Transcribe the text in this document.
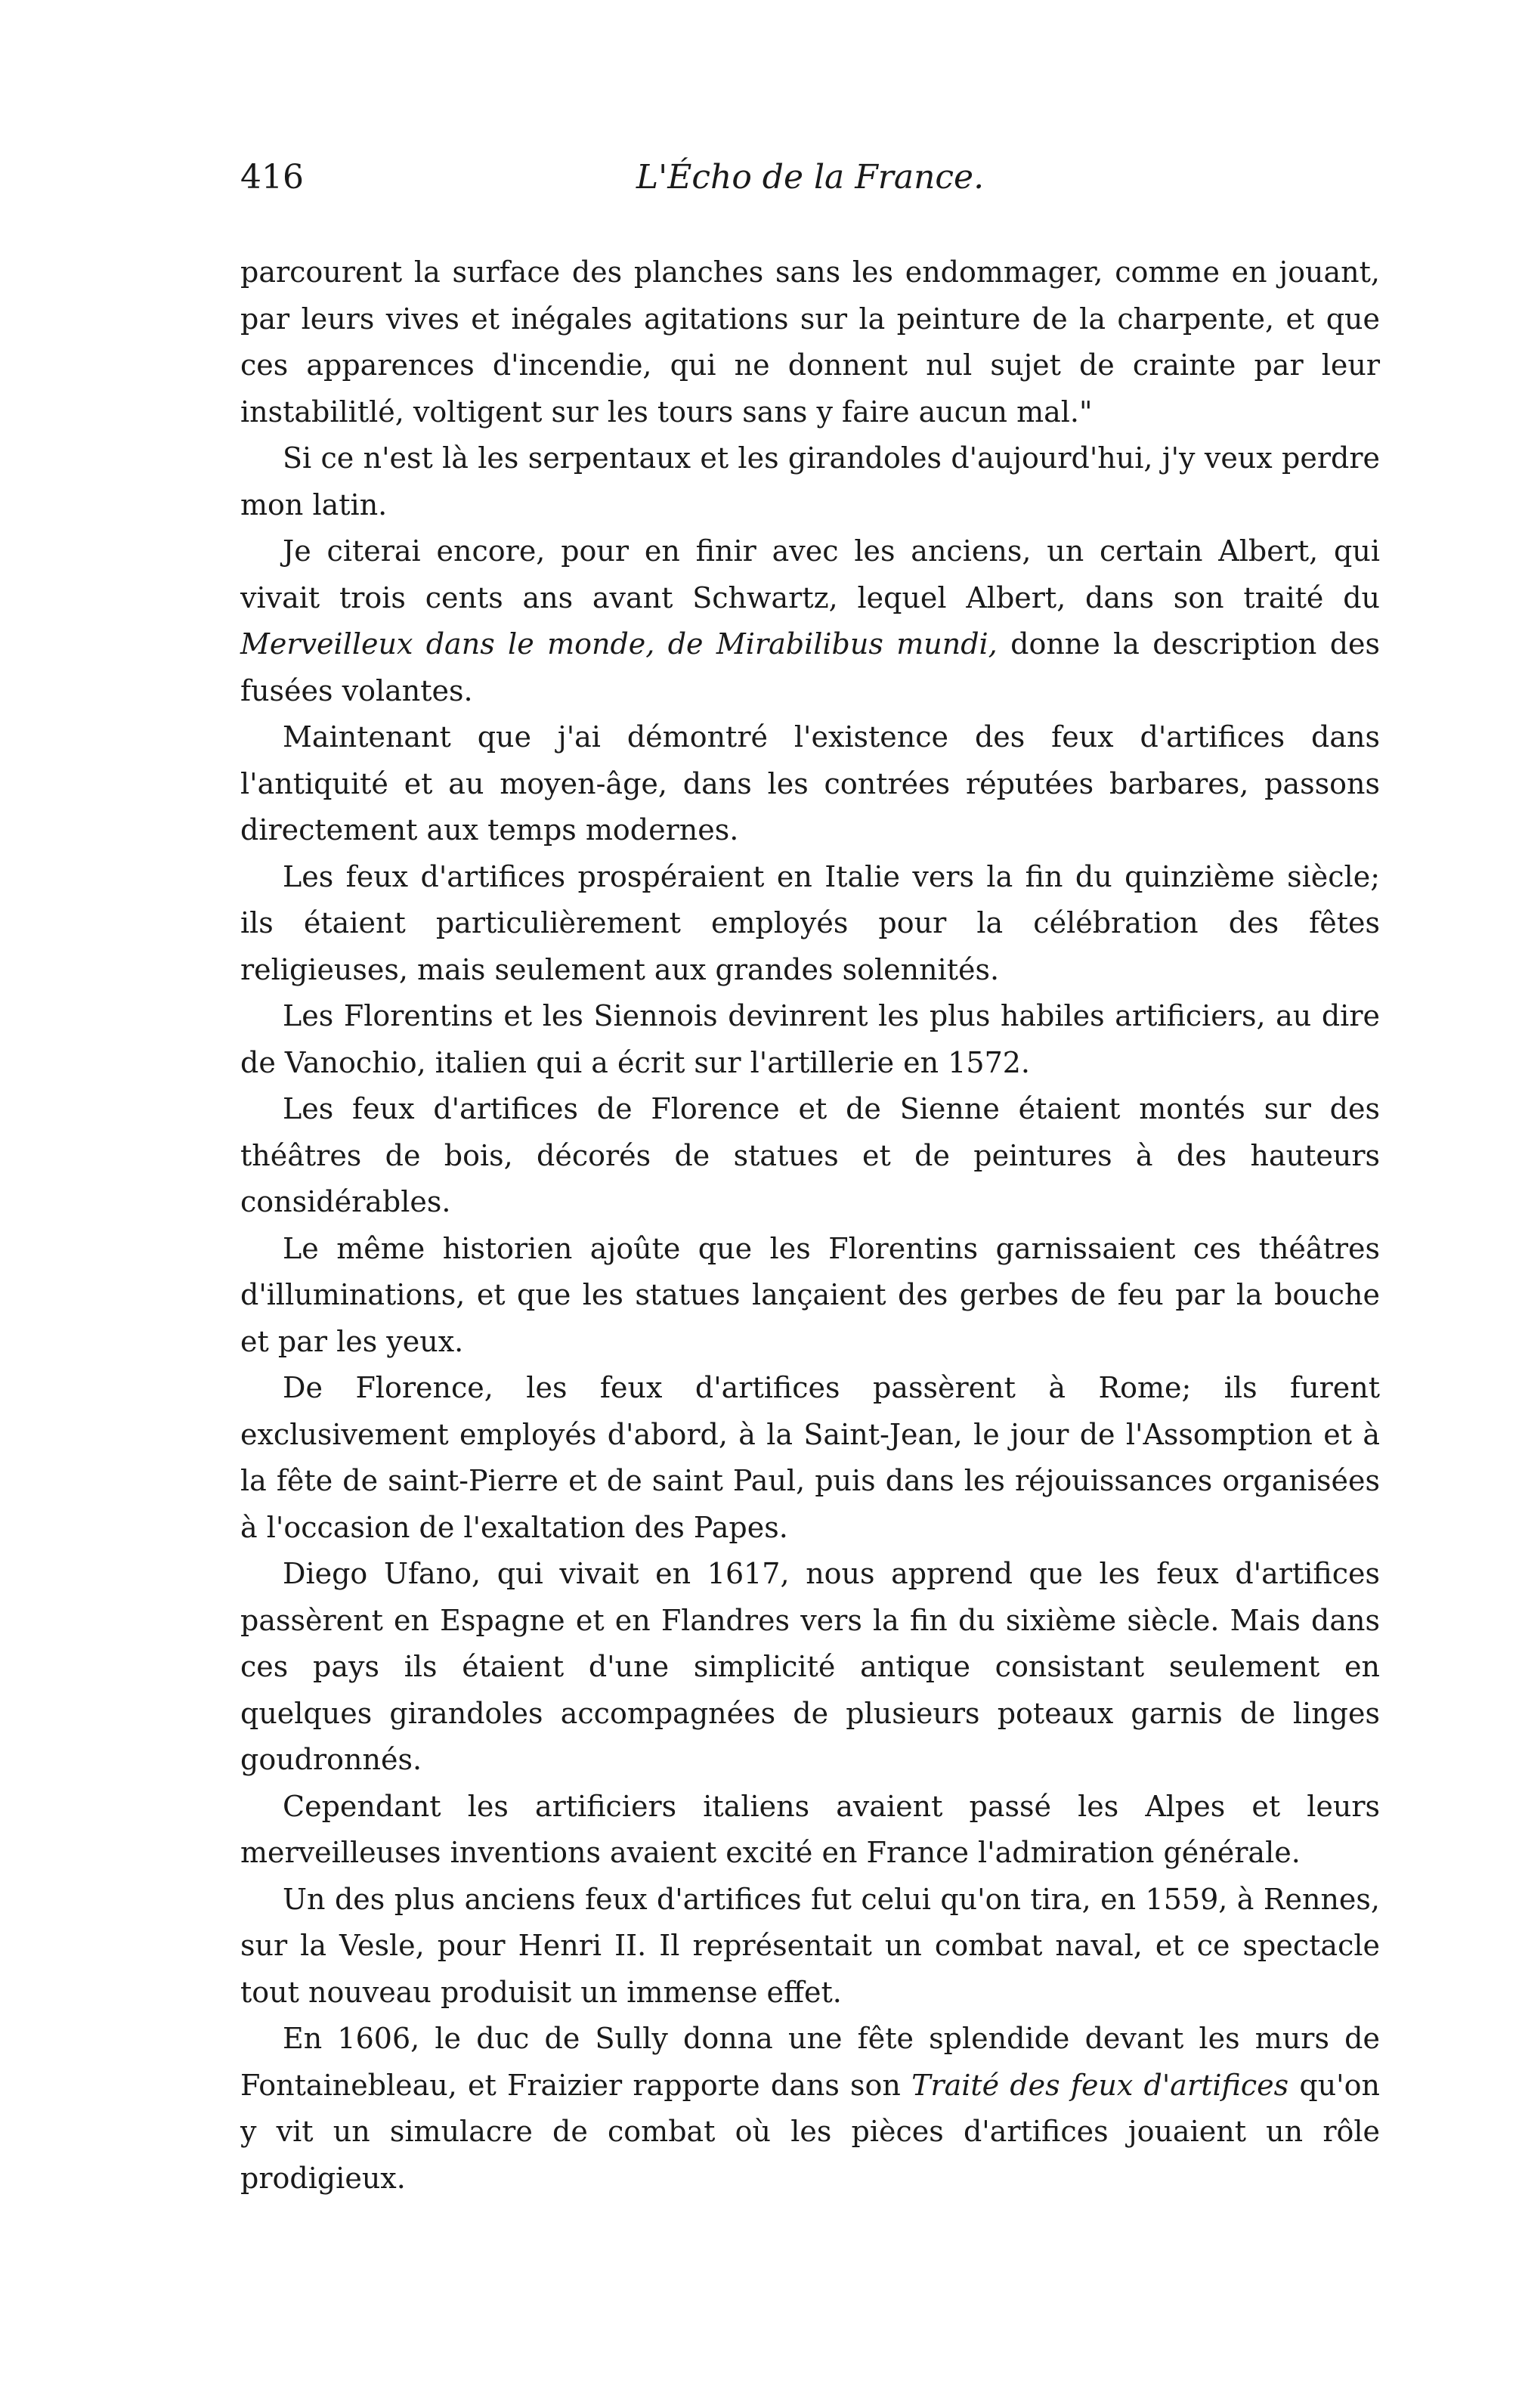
416	L'Écho de la France.

parcourent la surface des planches sans les endommager, comme en jouant, par leurs vives et inégales agitations sur la peinture de la charpente, et que ces apparences d'incendie, qui ne donnent nul sujet de crainte par leur instabilitlé, voltigent sur les tours sans y faire aucun mal."

Si ce n'est là les serpentaux et les girandoles d'aujourd'hui, j'y veux perdre mon latin.

Je citerai encore, pour en finir avec les anciens, un certain Albert, qui vivait trois cents ans avant Schwartz, lequel Albert, dans son traité du Merveilleux dans le monde, de Mirabilibus mundi, donne la description des fusées volantes.

Maintenant que j'ai démontré l'existence des feux d'artifices dans l'antiquité et au moyen-âge, dans les contrées réputées barbares, passons directement aux temps modernes.

Les feux d'artifices prospéraient en Italie vers la fin du quinzième siècle; ils étaient particulièrement employés pour la célébration des fêtes religieuses, mais seulement aux grandes solennités.

Les Florentins et les Siennois devinrent les plus habiles artificiers, au dire de Vanochio, italien qui a écrit sur l'artillerie en 1572.

Les feux d'artifices de Florence et de Sienne étaient montés sur des théâtres de bois, décorés de statues et de peintures à des hauteurs considérables.

Le même historien ajoûte que les Florentins garnissaient ces théâtres d'illuminations, et que les statues lançaient des gerbes de feu par la bouche et par les yeux.

De Florence, les feux d'artifices passèrent à Rome; ils furent exclusivement employés d'abord, à la Saint-Jean, le jour de l'Assomption et à la fête de saint-Pierre et de saint Paul, puis dans les réjouissances organisées à l'occasion de l'exaltation des Papes.

Diego Ufano, qui vivait en 1617, nous apprend que les feux d'artifices passèrent en Espagne et en Flandres vers la fin du sixième siècle. Mais dans ces pays ils étaient d'une simplicité antique consistant seulement en quelques girandoles accompagnées de plusieurs poteaux garnis de linges goudronnés.

Cependant les artificiers italiens avaient passé les Alpes et leurs merveilleuses inventions avaient excité en France l'admiration générale.

Un des plus anciens feux d'artifices fut celui qu'on tira, en 1559, à Rennes, sur la Vesle, pour Henri II. Il représentait un combat naval, et ce spectacle tout nouveau produisit un immense effet.

En 1606, le duc de Sully donna une fête splendide devant les murs de Fontainebleau, et Fraizier rapporte dans son Traité des feux d'artifices qu'on y vit un simulacre de combat où les pièces d'artifices jouaient un rôle prodigieux.
